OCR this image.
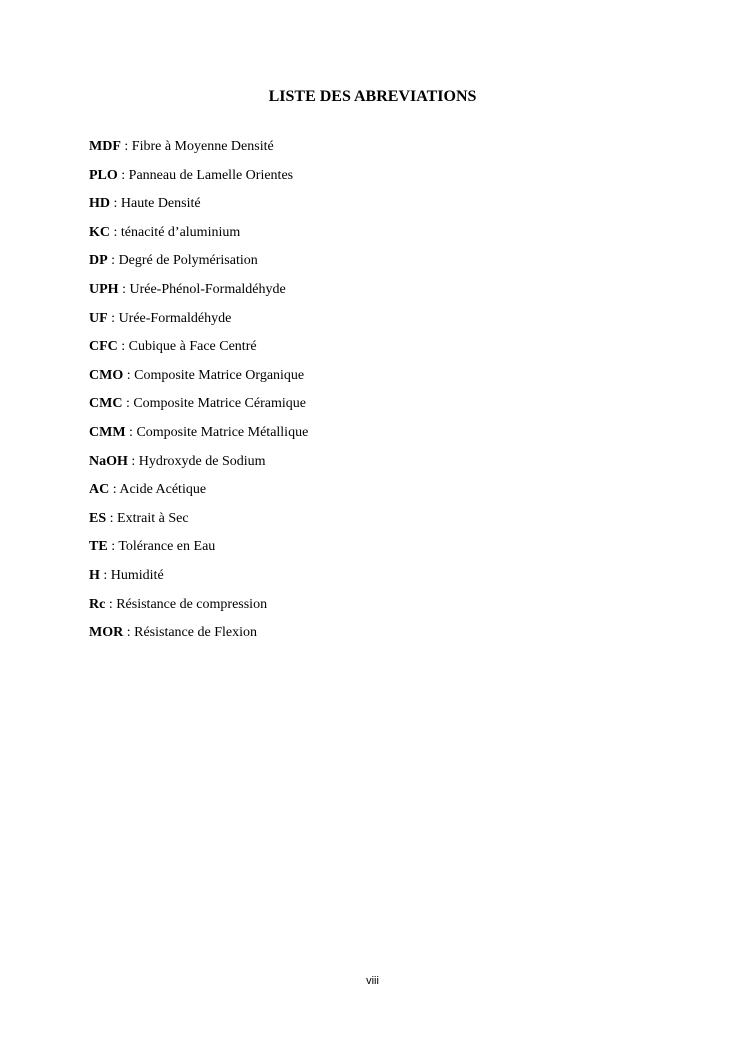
LISTE DES ABREVIATIONS
MDF : Fibre à Moyenne Densité
PLO : Panneau de Lamelle Orientes
HD : Haute Densité
KC : ténacité d’aluminium
DP : Degré de Polymérisation
UPH : Urée-Phénol-Formaldéhyde
UF : Urée-Formaldéhyde
CFC : Cubique à Face Centré
CMO : Composite Matrice Organique
CMC : Composite Matrice Céramique
CMM : Composite Matrice Métallique
NaOH : Hydroxyde de Sodium
AC : Acide Acétique
ES : Extrait à Sec
TE : Tolérance en Eau
H : Humidité
Rc : Résistance de compression
MOR : Résistance de Flexion
viii
